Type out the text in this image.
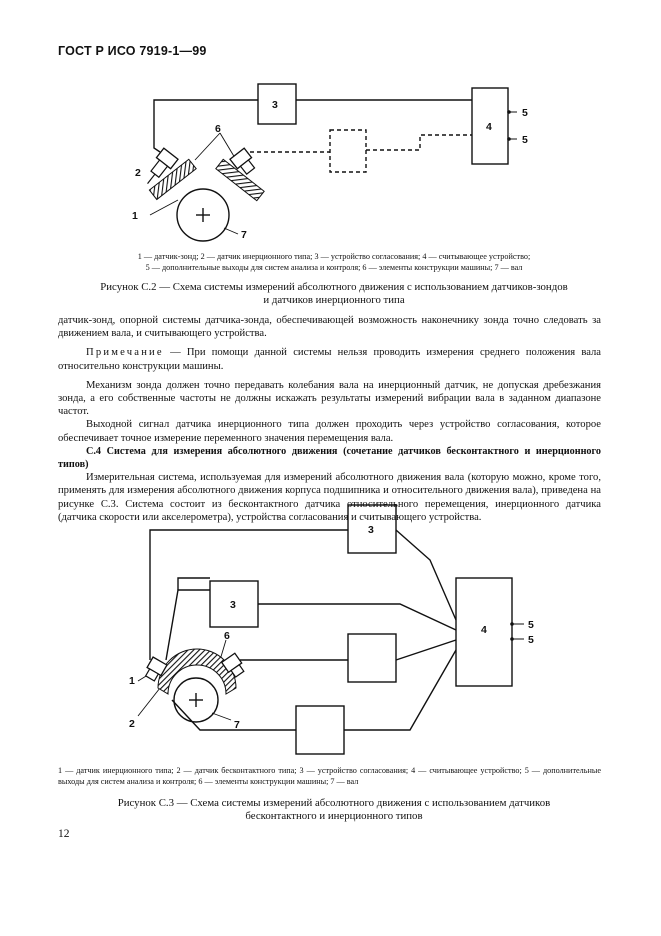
ГОСТ Р ИСО 7919-1—99
3
4
5
5
6
2
1
7
1 — датчик-зонд; 2 — датчик инерционного типа; 3 — устройство согласования; 4 — считывающее устройство;
5 — дополнительные выходы для систем анализа и контроля; 6 — элементы конструкции машины; 7 — вал
Рисунок С.2 — Схема системы измерений абсолютного движения с использованием датчиков-зондов
и датчиков инерционного типа
датчик-зонд, опорной системы датчика-зонда, обеспечивающей возможность наконечнику зонда точно следовать за движением вала, и считывающего устройства.
Примечание — При помощи данной системы нельзя проводить измерения среднего положения вала относительно конструкции машины.
Механизм зонда должен точно передавать колебания вала на инерционный датчик, не допуская дребезжания зонда, а его собственные частоты не должны искажать результаты измерений вибрации вала в заданном диапазоне частот.
Выходной сигнал датчика инерционного типа должен проходить через устройство согласования, которое обеспечивает точное измерение переменного значения перемещения вала.
С.4 Система для измерения абсолютного движения (сочетание датчиков бесконтактного и инерционного типов)
Измерительная система, используемая для измерений абсолютного движения вала (которую можно, кроме того, применять для измерения абсолютного движения корпуса подшипника и относительного движения вала), приведена на рисунке С.3. Система состоит из бесконтактного датчика относительного перемещения, инерционного датчика (датчика скорости или акселерометра), устройства согласования и считывающего устройства.
3
3
4	5
5
6
1
2	7
1 — датчик инерционного типа; 2 — датчик бесконтактного типа; 3 — устройство согласования; 4 — считывающее устройство; 5 — дополнительные выходы для систем анализа и контроля; 6 — элементы конструкции машины; 7 — вал
Рисунок С.3 — Схема системы измерений абсолютного движения с использованием датчиков
бесконтактного и инерционного типов
12
